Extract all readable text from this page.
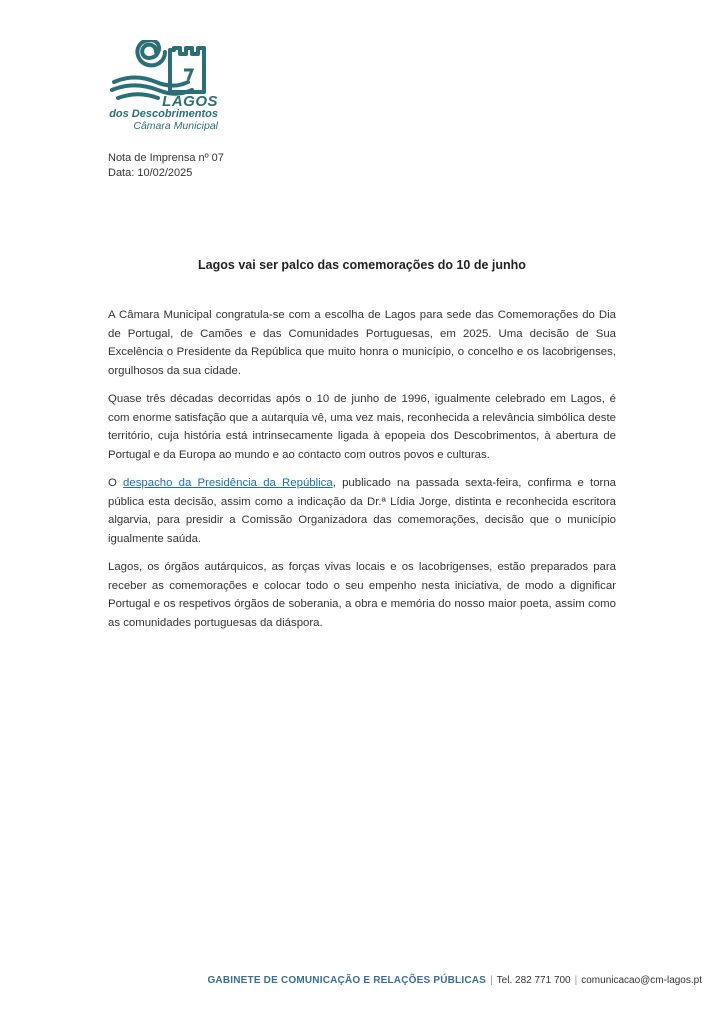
LAGOS
dos Descobrimentos
Câmara Municipal
Nota de Imprensa nº 07
Data: 10/02/2025
Lagos vai ser palco das comemorações do 10 de junho

A Câmara Municipal congratula-se com a escolha de Lagos para sede das Comemorações do Dia de Portugal, de Camões e das Comunidades Portuguesas, em 2025. Uma decisão de Sua Excelência o Presidente da República que muito honra o município, o concelho e os lacobrigenses, orgulhosos da sua cidade.

Quase três décadas decorridas após o 10 de junho de 1996, igualmente celebrado em Lagos, é com enorme satisfação que a autarquia vê, uma vez mais, reconhecida a relevância simbólica deste território, cuja história está intrinsecamente ligada à epopeia dos Descobrimentos, à abertura de Portugal e da Europa ao mundo e ao contacto com outros povos e culturas.

O despacho da Presidência da República, publicado na passada sexta-feira, confirma e torna pública esta decisão, assim como a indicação da Dr.ª Lídia Jorge, distinta e reconhecida escritora algarvia, para presidir a Comissão Organizadora das comemorações, decisão que o município igualmente saúda.

Lagos, os órgãos autárquicos, as forças vivas locais e os lacobrigenses, estão preparados para receber as comemorações e colocar todo o seu empenho nesta iniciativa, de modo a dignificar Portugal e os respetivos órgãos de soberania, a obra e memória do nosso maior poeta, assim como as comunidades portuguesas da diáspora.

GABINETE DE COMUNICAÇÃO E RELAÇÕES PÚBLICAS | Tel. 282 771 700 | comunicacao@cm-lagos.pt
